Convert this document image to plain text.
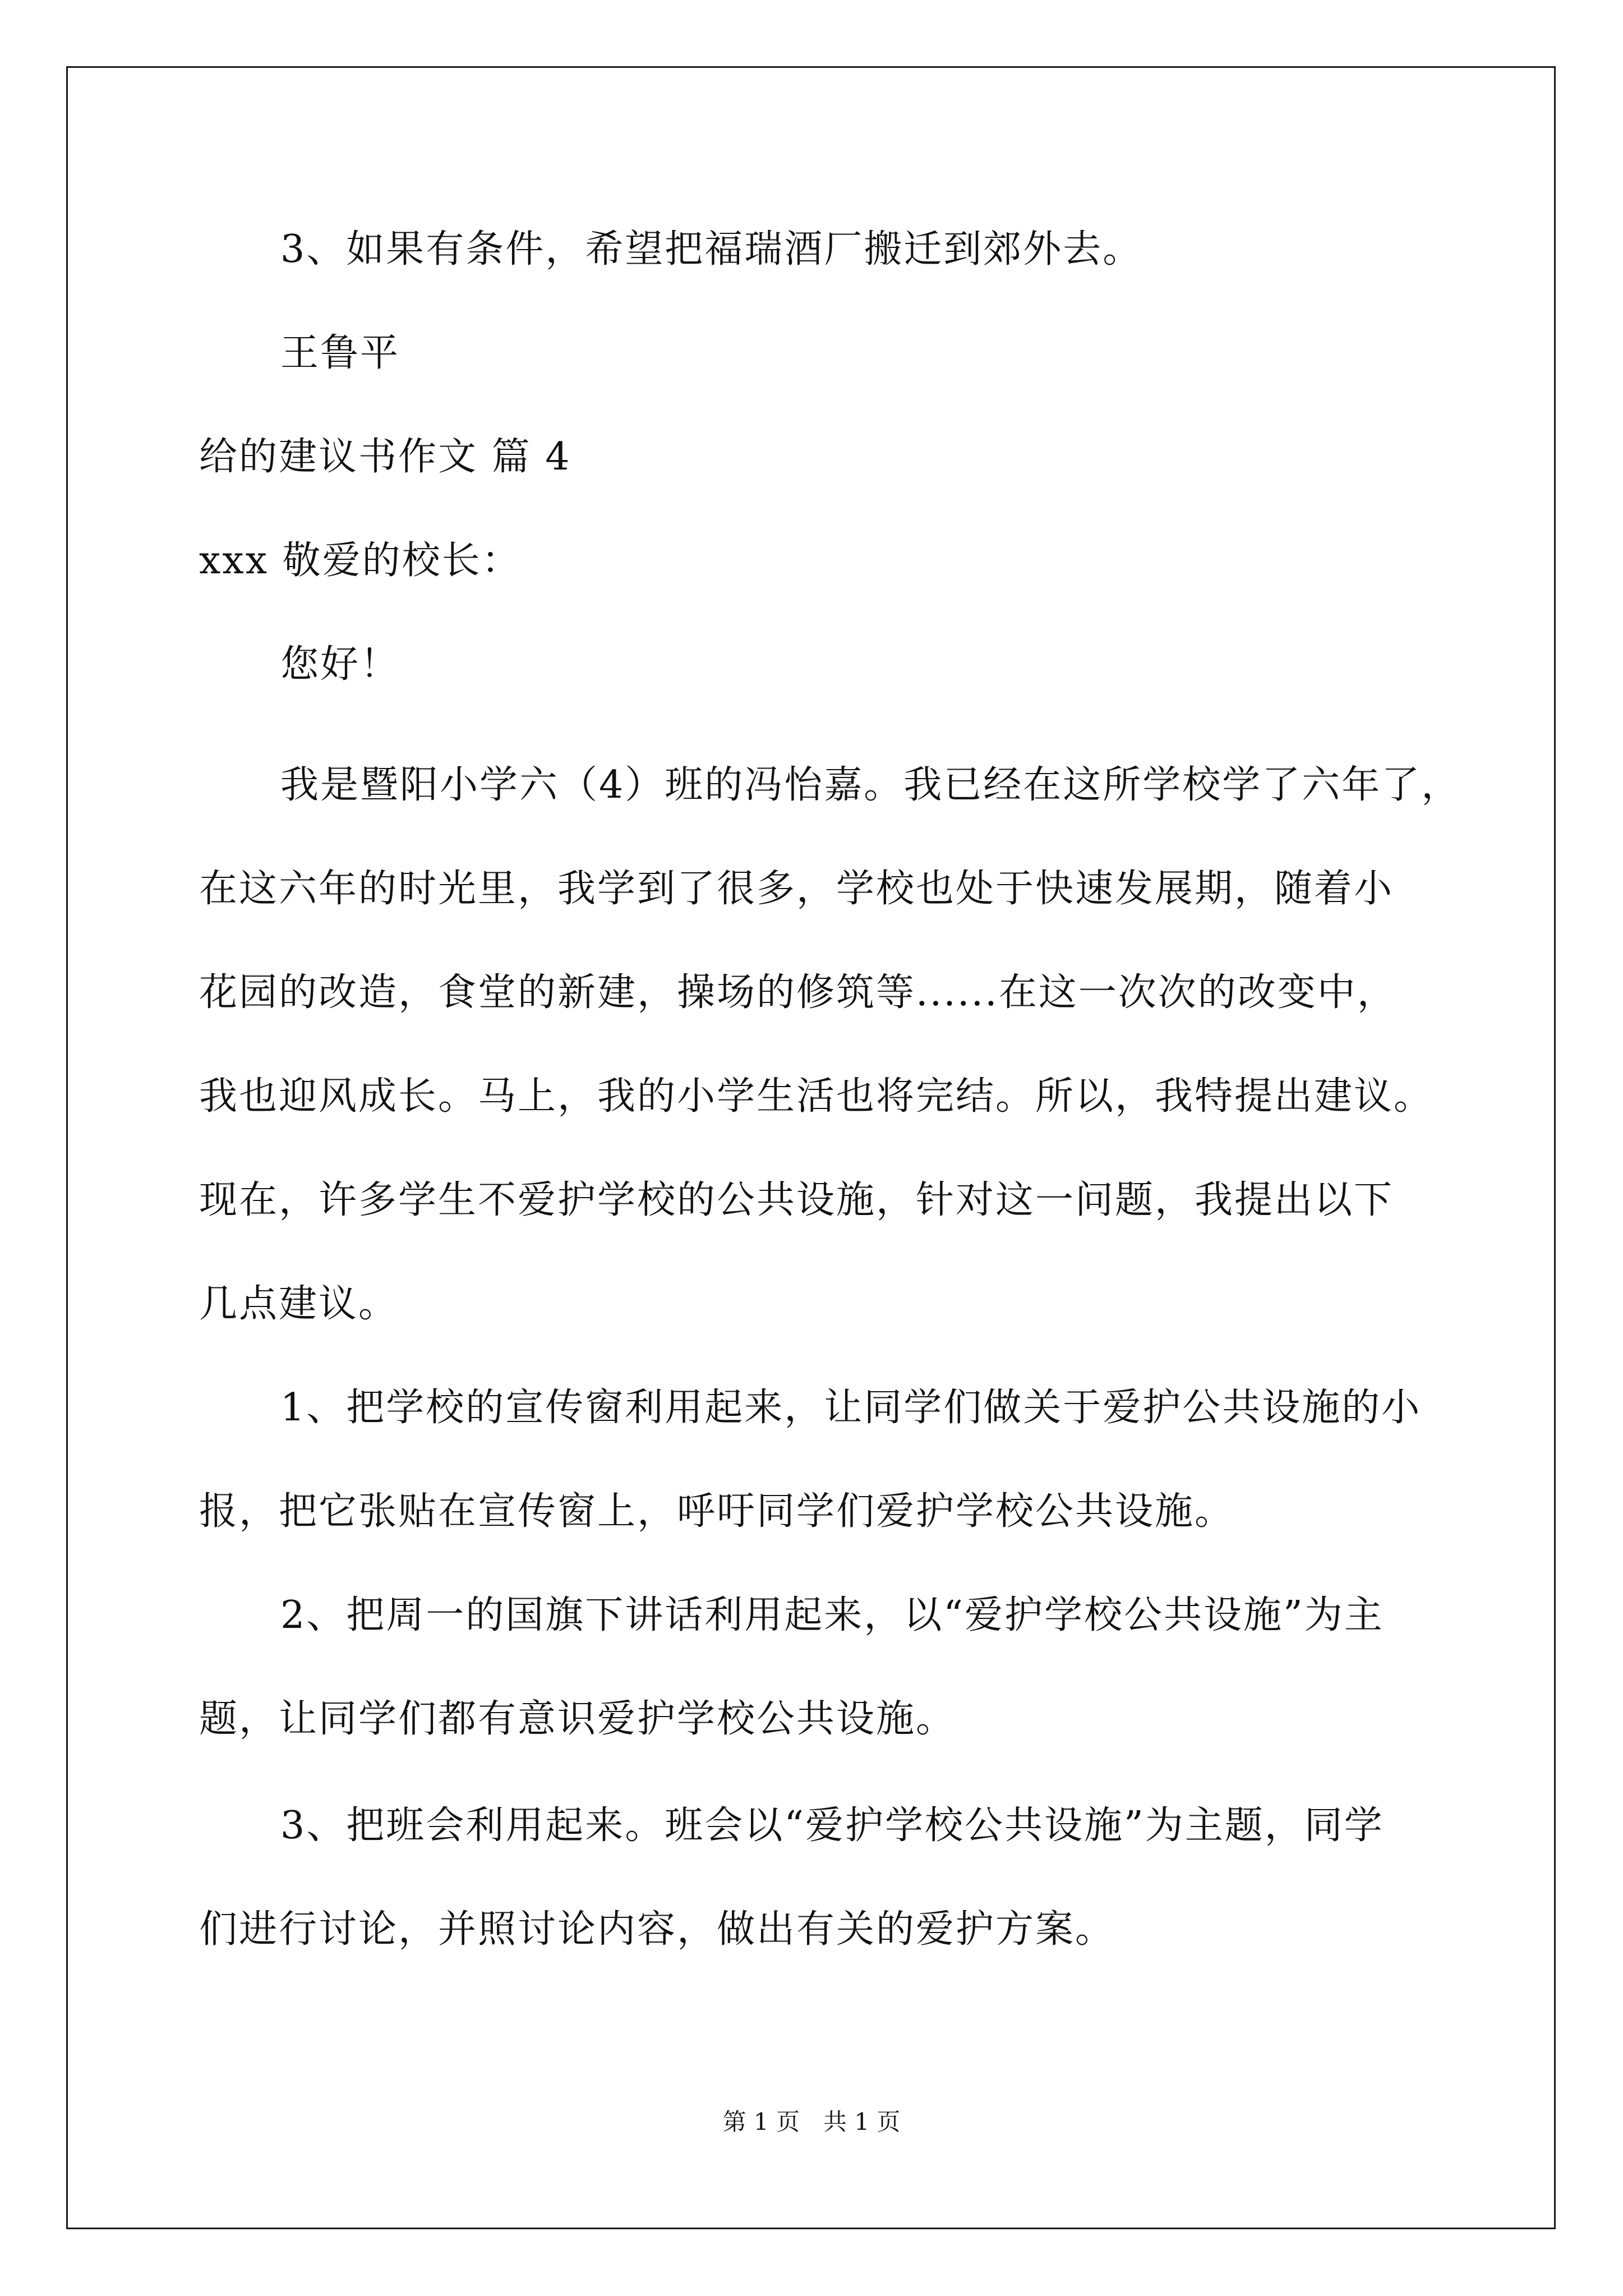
3、如果有条件，希望把福瑞酒厂搬迁到郊外去。
王鲁平
给的建议书作文 篇 4
xxx 敬爱的校长：
您好！
我是暨阳小学六（4）班的冯怡嘉。我已经在这所学校学了六年了，
在这六年的时光里，我学到了很多，学校也处于快速发展期，随着小
花园的改造，食堂的新建，操场的修筑等......在这一次次的改变中，
我也迎风成长。马上，我的小学生活也将完结。所以，我特提出建议。
现在，许多学生不爱护学校的公共设施，针对这一问题，我提出以下
几点建议。
1、把学校的宣传窗利用起来，让同学们做关于爱护公共设施的小
报，把它张贴在宣传窗上，呼吁同学们爱护学校公共设施。
2、把周一的国旗下讲话利用起来，以“爱护学校公共设施”为主
题，让同学们都有意识爱护学校公共设施。
3、把班会利用起来。班会以“爱护学校公共设施”为主题，同学
们进行讨论，并照讨论内容，做出有关的爱护方案。
第 1 页　共 1 页
